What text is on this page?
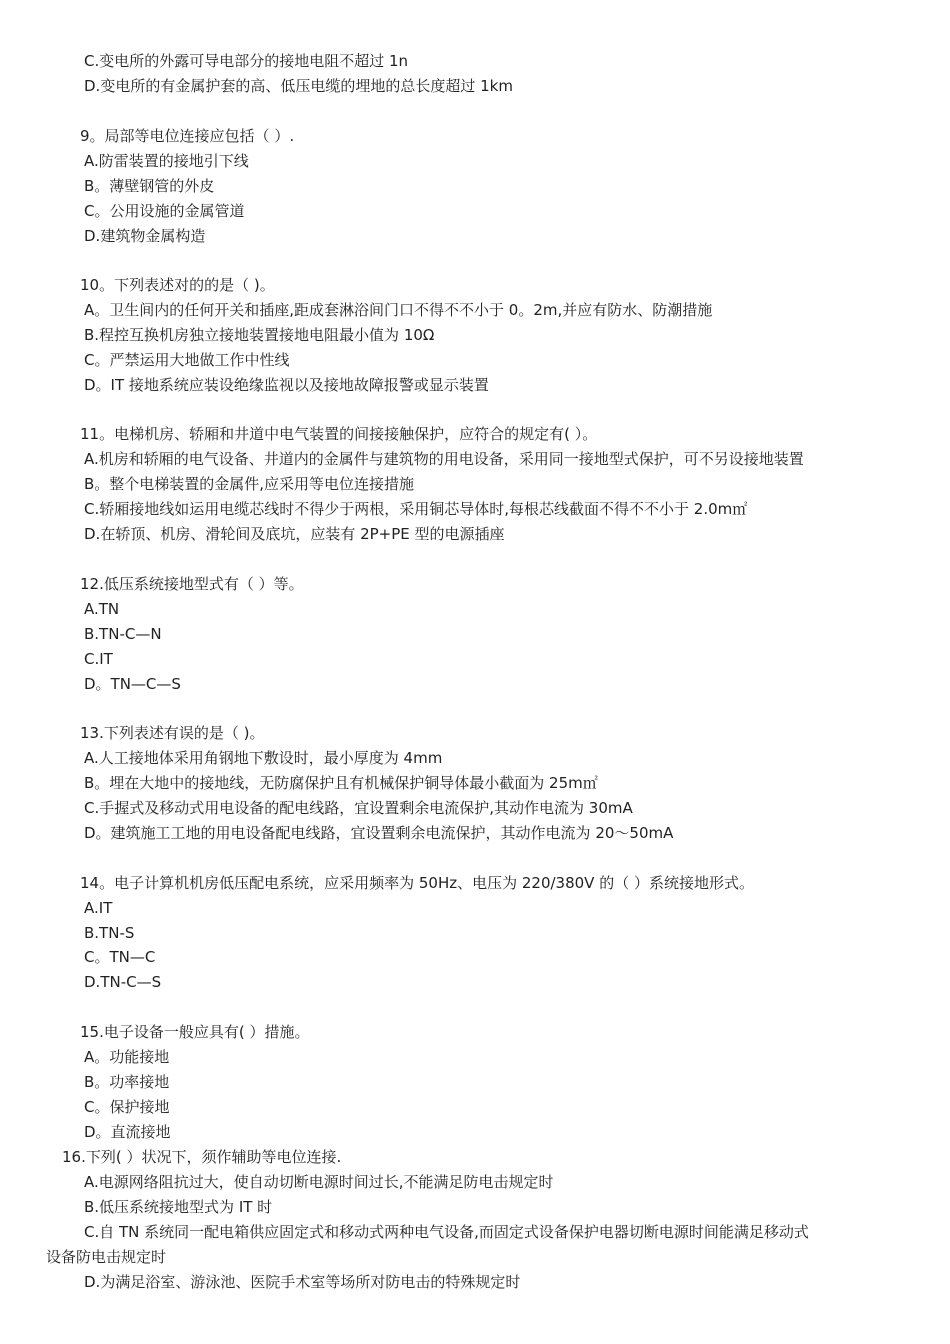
C.变电所的外露可导电部分的接地电阻不超过 1n
D.变电所的有金属护套的高、低压电缆的埋地的总长度超过 1km
9。局部等电位连接应包括（ ）.
A.防雷装置的接地引下线
B。薄壁钢管的外皮
C。公用设施的金属管道
D.建筑物金属构造
10。下列表述对的的是（ )。
A。卫生间内的任何开关和插座,距成套淋浴间门口不得不不小于 0。2m,并应有防水、防潮措施
B.程控互换机房独立接地装置接地电阻最小值为 10Ω
C。严禁运用大地做工作中性线
D。IT 接地系统应装设绝缘监视以及接地故障报警或显示装置
11。电梯机房、轿厢和井道中电气装置的间接接触保护，应符合的规定有( ）。
A.机房和轿厢的电气设备、井道内的金属件与建筑物的用电设备，采用同一接地型式保护，可不另设接地装置
B。整个电梯装置的金属件,应采用等电位连接措施
C.轿厢接地线如运用电缆芯线时不得少于两根，采用铜芯导体时,每根芯线截面不得不不小于 2.0m㎡
D.在轿顶、机房、滑轮间及底坑，应装有 2P+PE 型的电源插座
12.低压系统接地型式有（ ）等。
A.TN
B.TN-C—N
C.IT
D。TN—C—S
13.下列表述有误的是（ )。
A.人工接地体采用角钢地下敷设时，最小厚度为 4mm
B。埋在大地中的接地线，无防腐保护且有机械保护铜导体最小截面为 25m㎡
C.手握式及移动式用电设备的配电线路，宜设置剩余电流保护,其动作电流为 30mA
D。建筑施工工地的用电设备配电线路，宜设置剩余电流保护，其动作电流为 20～50mA
14。电子计算机机房低压配电系统，应采用频率为 50Hz、电压为 220/380V 的（ ）系统接地形式。
A.IT
B.TN-S
C。TN—C
D.TN-C—S
15.电子设备一般应具有( ）措施。
A。功能接地
B。功率接地
C。保护接地
D。直流接地
16.下列( ）状况下，须作辅助等电位连接.
A.电源网络阻抗过大，使自动切断电源时间过长,不能满足防电击规定时
B.低压系统接地型式为 IT 时
C.自 TN 系统同一配电箱供应固定式和移动式两种电气设备,而固定式设备保护电器切断电源时间能满足移动式
设备防电击规定时
D.为满足浴室、游泳池、医院手术室等场所对防电击的特殊规定时
